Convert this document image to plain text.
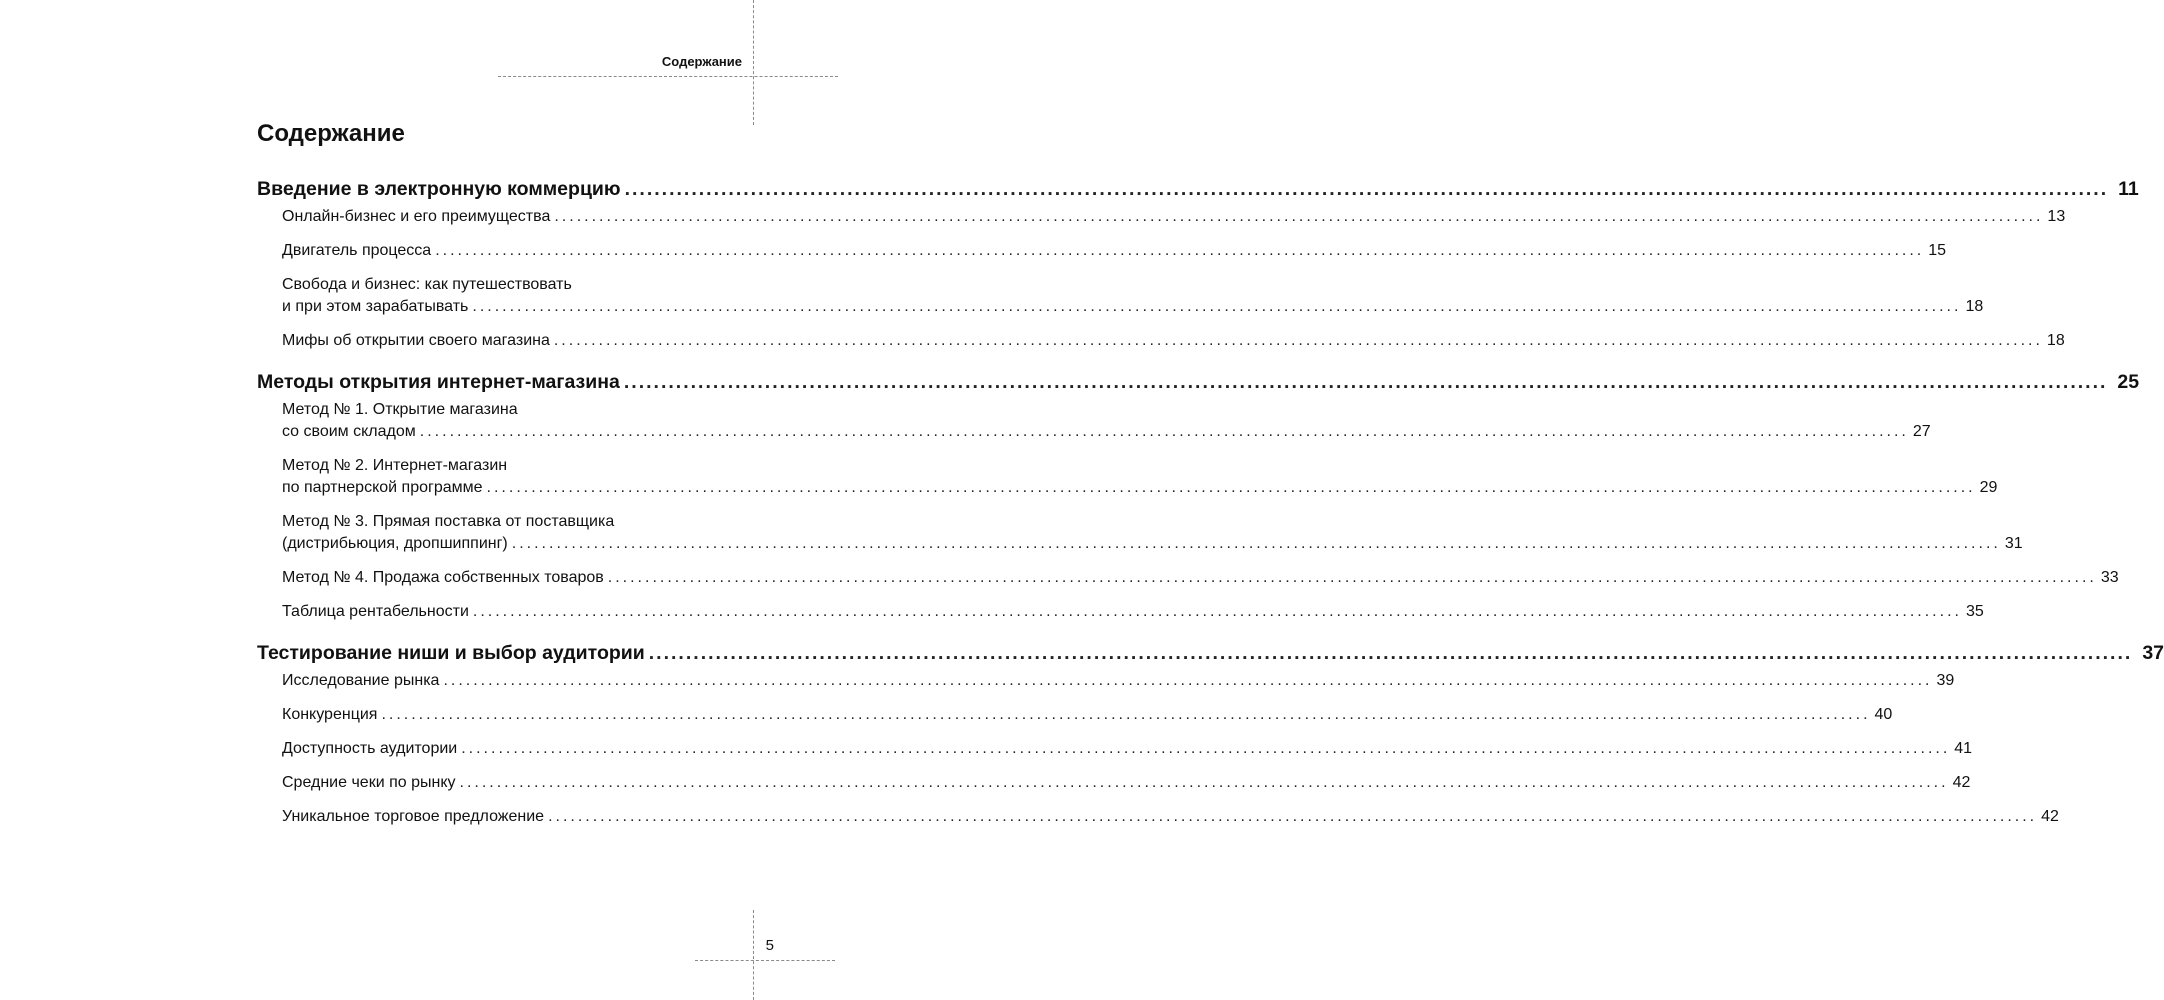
Содержание
Содержание
Введение в электронную коммерцию ........................................................................................................................................................................................................ 11
Онлайн-бизнес и его преимущества ........................................................................................................................................................................................................ 13
Двигатель процесса ........................................................................................................................................................................................................ 15
Свобода и бизнес: как путешествовать
и при этом зарабатывать ........................................................................................................................................................................................................ 18
Мифы об открытии своего магазина ........................................................................................................................................................................................................ 18
Методы открытия интернет-магазина ........................................................................................................................................................................................................ 25
Метод № 1. Открытие магазина
со своим складом ........................................................................................................................................................................................................ 27
Метод № 2. Интернет-магазин
по партнерской программе ........................................................................................................................................................................................................ 29
Метод № 3. Прямая поставка от поставщика
(дистрибьюция, дропшиппинг) ........................................................................................................................................................................................................ 31
Метод № 4. Продажа собственных товаров ........................................................................................................................................................................................................ 33
Таблица рентабельности ........................................................................................................................................................................................................ 35
Тестирование ниши и выбор аудитории ........................................................................................................................................................................................................ 37
Исследование рынка ........................................................................................................................................................................................................ 39
Конкуренция ........................................................................................................................................................................................................ 40
Доступность аудитории ........................................................................................................................................................................................................ 41
Средние чеки по рынку ........................................................................................................................................................................................................ 42
Уникальное торговое предложение ........................................................................................................................................................................................................ 42
5
